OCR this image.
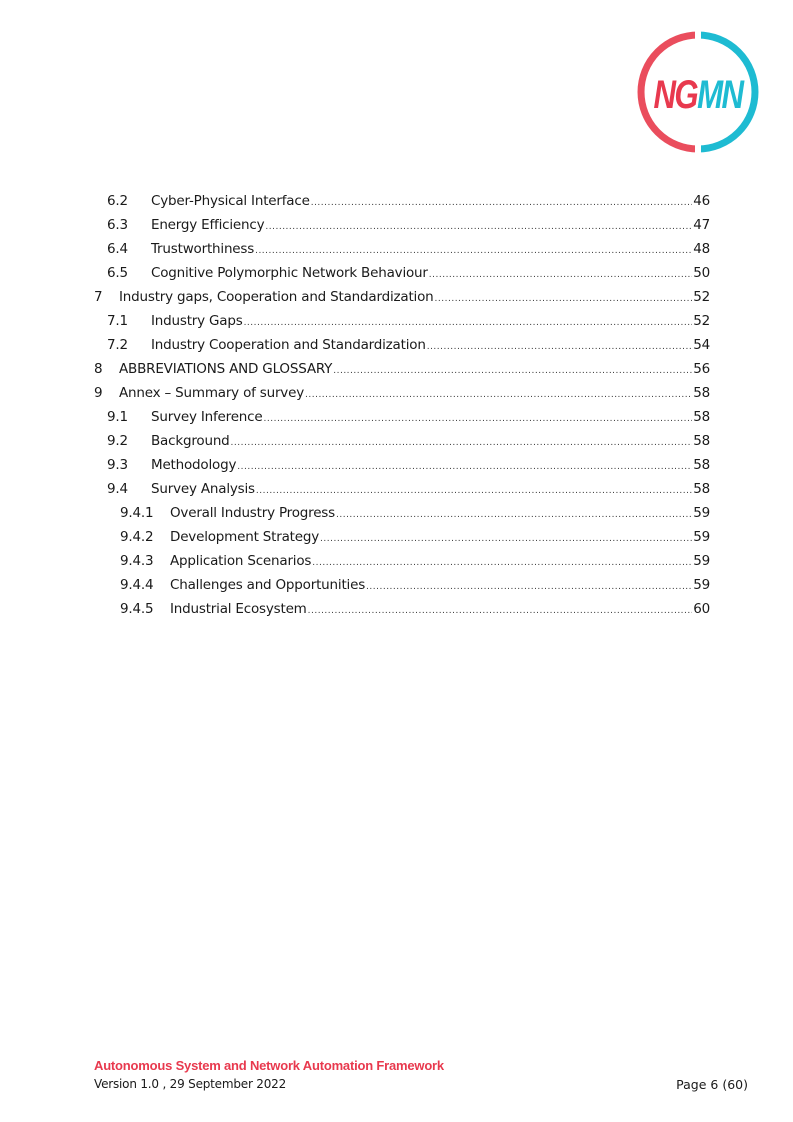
NGMN
6.2	Cyber-Physical Interface .....	46
6.3	Energy Efficiency .....	47
6.4	Trustworthiness .....	48
6.5	Cognitive Polymorphic Network Behaviour .....	50
7	Industry gaps, Cooperation and Standardization .....	52
7.1	Industry Gaps .....	52
7.2	Industry Cooperation and Standardization .....	54
8	ABBREVIATIONS AND GLOSSARY .....	56
9	Annex – Summary of survey .....	58
9.1	Survey Inference .....	58
9.2	Background .....	58
9.3	Methodology .....	58
9.4	Survey Analysis .....	58
9.4.1	Overall Industry Progress .....	59
9.4.2	Development Strategy .....	59
9.4.3	Application Scenarios .....	59
9.4.4	Challenges and Opportunities .....	59
9.4.5	Industrial Ecosystem .....	60
Autonomous System and Network Automation Framework
Version 1.0 , 29 September 2022	Page 6 (60)
